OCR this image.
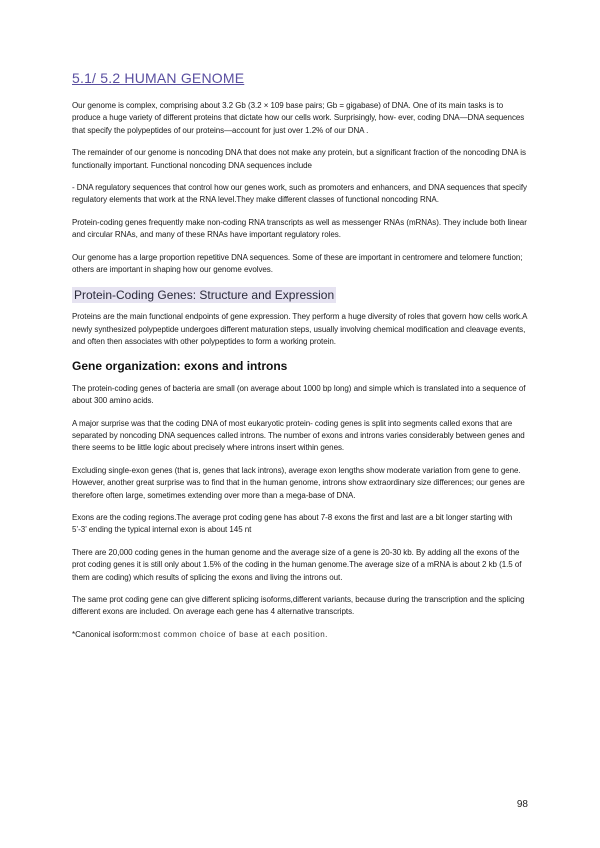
5.1/ 5.2 HUMAN GENOME

Our genome is complex, comprising about 3.2 Gb (3.2 × 109 base pairs; Gb = gigabase) of DNA. One of its main tasks is to produce a huge variety of different proteins that dictate how our cells work. Surprisingly, how- ever, coding DNA—DNA sequences that specify the polypeptides of our proteins—account for just over 1.2% of our DNA .

The remainder of our genome is noncoding DNA that does not make any protein, but a significant fraction of the noncoding DNA is functionally important. Functional noncoding DNA sequences include

- DNA regulatory sequences that control how our genes work, such as promoters and enhancers, and DNA sequences that specify regulatory elements that work at the RNA level.They make different classes of functional noncoding RNA.

Protein-coding genes frequently make non-coding RNA transcripts as well as messenger RNAs (mRNAs). They include both linear and circular RNAs, and many of these RNAs have important regulatory roles.

Our genome has a large proportion repetitive DNA sequences. Some of these are important in centromere and telomere function; others are important in shaping how our genome evolves.

Protein-Coding Genes: Structure and Expression

Proteins are the main functional endpoints of gene expression. They perform a huge diversity of roles that govern how cells work.A newly synthesized polypeptide undergoes different maturation steps, usually involving chemical modification and cleavage events, and often then associates with other polypeptides to form a working protein.

Gene organization: exons and introns

The protein-coding genes of bacteria are small (on average about 1000 bp long) and simple which is translated into a sequence of about 300 amino acids.

A major surprise was that the coding DNA of most eukaryotic protein- coding genes is split into segments called exons that are separated by noncoding DNA sequences called introns. The number of exons and introns varies considerably between genes and there seems to be little logic about precisely where introns insert within genes.

Excluding single-exon genes (that is, genes that lack introns), average exon lengths show moderate variation from gene to gene. However, another great surprise was to find that in the human genome, introns show extraordinary size differences; our genes are therefore often large, sometimes extending over more than a mega-base of DNA.

Exons are the coding regions.The average prot coding gene has about 7-8 exons the first and last are a bit longer starting with 5’-3’ ending the typical internal exon is about 145 nt

There are 20,000 coding genes in the human genome and the average size of a gene is 20-30 kb. By adding all the exons of the prot coding genes it is still only about 1.5% of the coding in the human genome.The average size of a mRNA is about 2 kb (1.5 of them are coding) which results of splicing the exons and living the introns out.

The same prot coding gene can give different splicing isoforms,different variants, because during the transcription and the splicing different exons are included. On average each gene has 4 alternative transcripts.

*Canonical isoform:most common choice of base at each position.

98
